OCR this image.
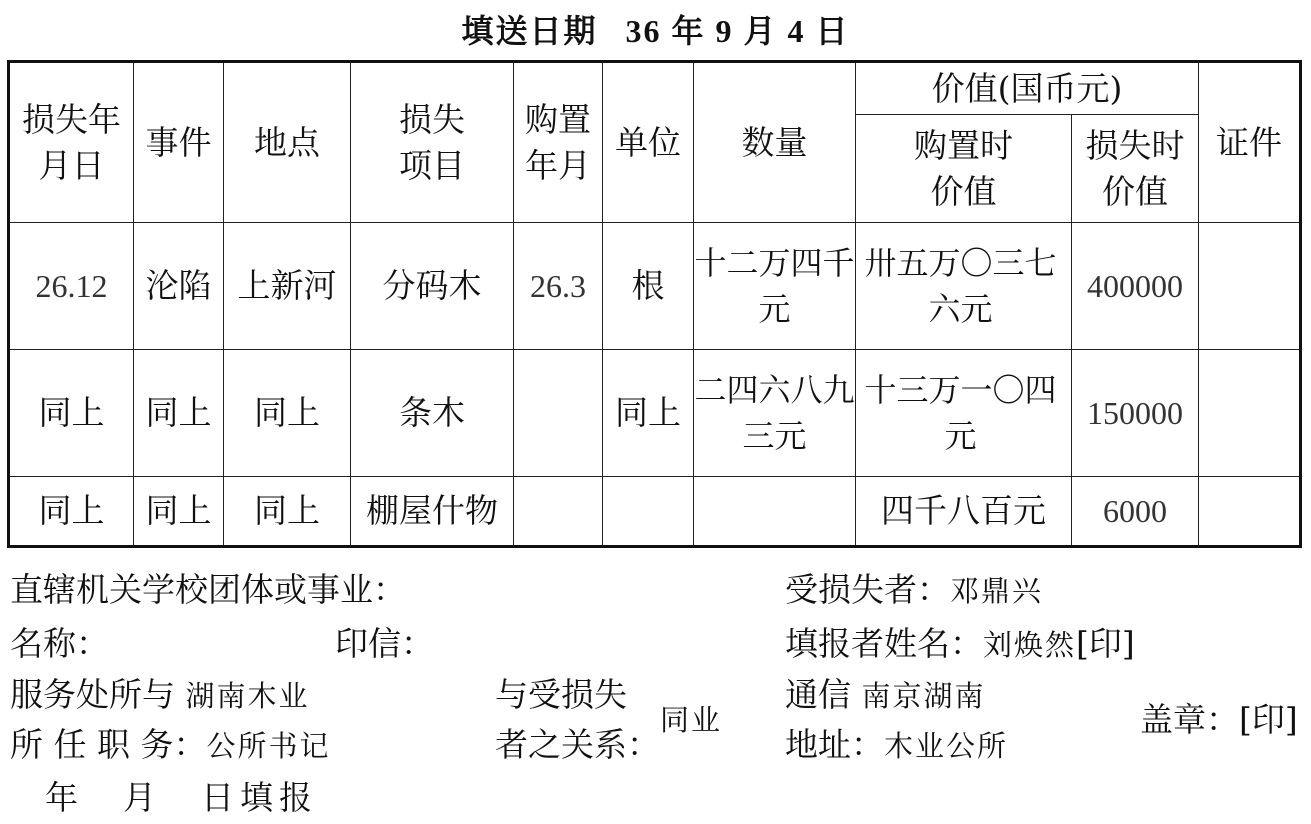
填送日期 36 年 9 月 4 日
损失年月日	事件	地点	损失项目	购置年月	单位	数量	价值(国币元)		证件
							购置时价值	损失时价值	
26.12	沦陷	上新河	分码木	26.3	根	十二万四千元	卅五万〇三七六元	400000	
同上	同上	同上	条木		同上	二四六八九三元	十三万一〇四元	150000	
同上	同上	同上	棚屋什物				四千八百元	6000	
直辖机关学校团体或事业：
名称：	印信：
服务处所与 湖南木业
所 任 职 务：公所书记
年　月　日填报
与受损失
者之关系：
同业
受损失者：邓鼎兴
填报者姓名：刘焕然[印]
通信 南京湖南
地址：木业公所
盖章：[印]
